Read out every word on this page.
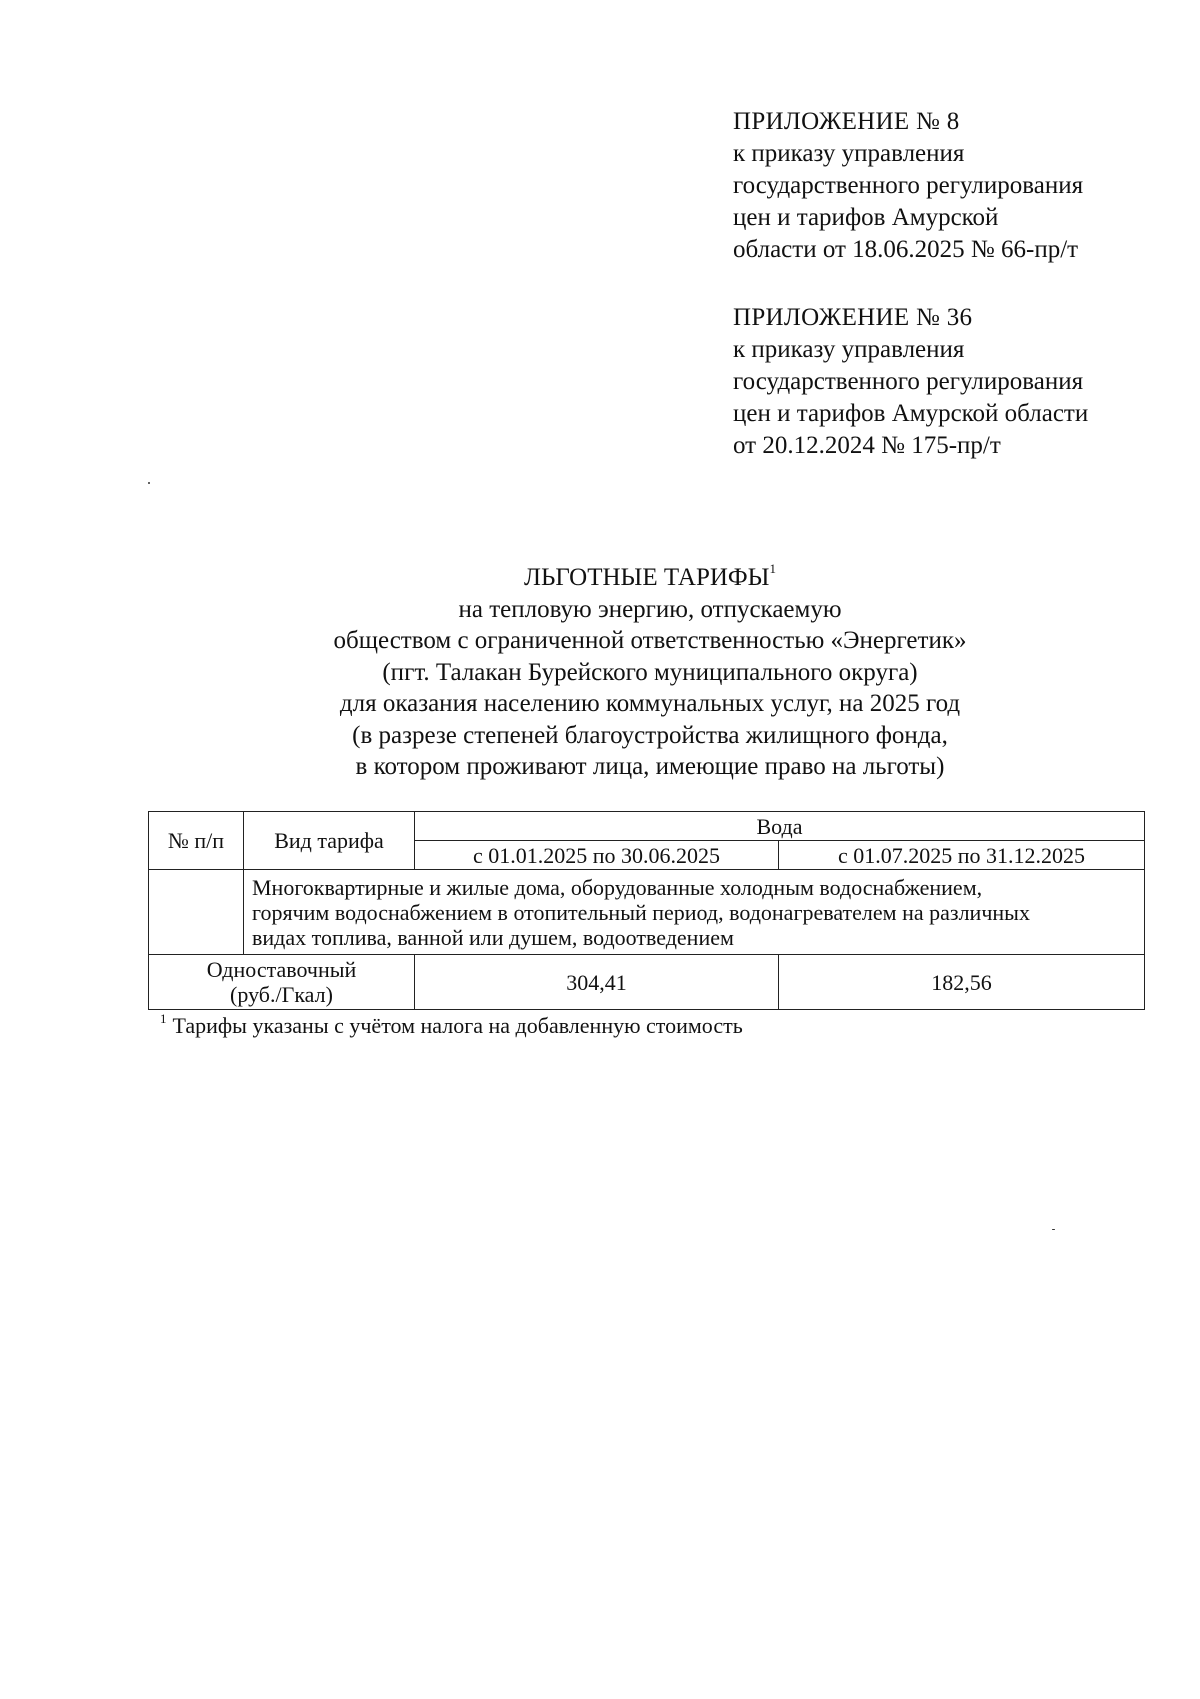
ПРИЛОЖЕНИЕ № 8
к приказу управления
государственного регулирования
цен и тарифов Амурской
области от 18.06.2025 № 66-пр/т
ПРИЛОЖЕНИЕ № 36
к приказу управления
государственного регулирования
цен и тарифов Амурской области
от 20.12.2024 № 175-пр/т
ЛЬГОТНЫЕ ТАРИФЫ$^1$
на тепловую энергию, отпускаемую
обществом с ограниченной ответственностью «Энергетик»
(пгт. Талакан Бурейского муниципального округа)
для оказания населению коммунальных услуг, на 2025 год
(в разрезе степеней благоустройства жилищного фонда,
в котором проживают лица, имеющие право на льготы)
№ п/п	Вид тарифа	Вода	
		с 01.01.2025 по 30.06.2025	с 01.07.2025 по 31.12.2025

	Многоквартирные и жилые дома, оборудованные холодным водоснабжением,
горячим водоснабжением в отопительный период, водонагревателем на различных
видах топлива, ванной или душем, водоотведением		

Одноставочный
(руб./Гкал)		304,41	182,56
$^1$ Тарифы указаны с учётом налога на добавленную стоимость
